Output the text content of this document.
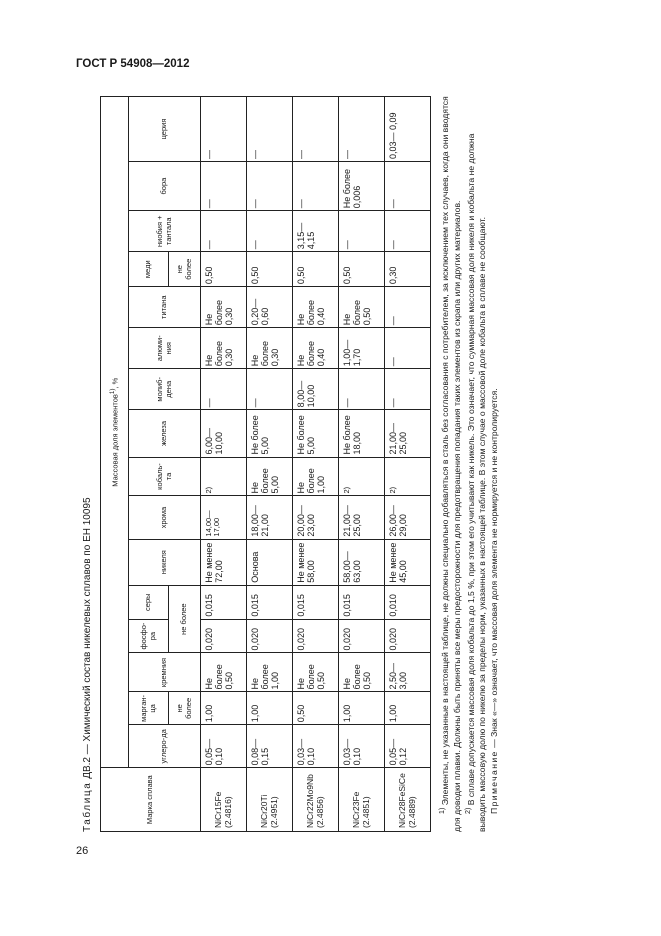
ГОСТ Р 54908—2012
Таблица ДВ.2 — Химический состав никелевых сплавов по ЕН 10095
Марка сплава	Массовая доля элементов$^{1)}$, %															
	углеро-да	марган-ца	кремния	фосфо-ра	серы	никеля	хрома	кобаль-та	железа	молиб-дена	алюми-ния	титана	меди	ниобия + тантала	бора	церия
		не более		не более									не более			
NiCr15Fe (2.4816)	0,05— 0,10	1,00	Не более 0,50	0,020	0,015	Не менее 72,00	14,00— 17,00	2)	6,00— 10,00	—	Не более 0,30	Не более 0,30	0,50	—	—	—
NiCr20Ti (2.4951)	0,08— 0,15	1,00	Не более 1,00	0,020	0,015	Основа	18,00— 21,00	Не более 5,00	Не более 5,00	—	Не более 0,30	0,20— 0,60	0,50	—	—	—
NiCr22Mo9Nb (2.4856)	0,03— 0,10	0,50	Не более 0,50	0,020	0,015	Не менее 58,00	20,00— 23,00	Не более 1,00	Не более 5,00	8,00— 10,00	Не более 0,40	Не более 0,40	0,50	3,15— 4,15	—	—
NiCr23Fe (2.4851)	0,03— 0,10	1,00	Не более 0,50	0,020	0,015	58,00— 63,00	21,00— 25,00	2)	Не более 18,00	—	1,00— 1,70	Не более 0,50	0,50	—	Не более 0,006	—
NiCr28FeSiCe (2.4889)	0,05— 0,12	1,00	2,50— 3,00	0,020	0,010	Не менее 45,00	26,00— 29,00	2)	21,00— 25,00	—	—	—	0,30	—	—	0,03— 0,09

$^{1)}$ Элементы, не указанные в настоящей таблице, не должны специально добавляться в сталь без согласования с потребителем, за исключением тех случаев, когда они вводятся для доводки плавки. Должны быть приняты все меры предосторожности для предотвращения попадания таких элементов из скрапа или других материалов. $^{2)}$ В сплаве допускается массовая доля кобальта до 1,5 %, при этом его учитывают как никель. Это означает, что суммарная массовая доля никеля и кобальта не должна выводить массовую долю по никелю за пределы норм, указанных в настоящей таблице. В этом случае о массовой доле кобальта в сплаве не сообщают. Примечание — Знак «—» означает, что массовая доля элемента не нормируется и не контролируется.

26
